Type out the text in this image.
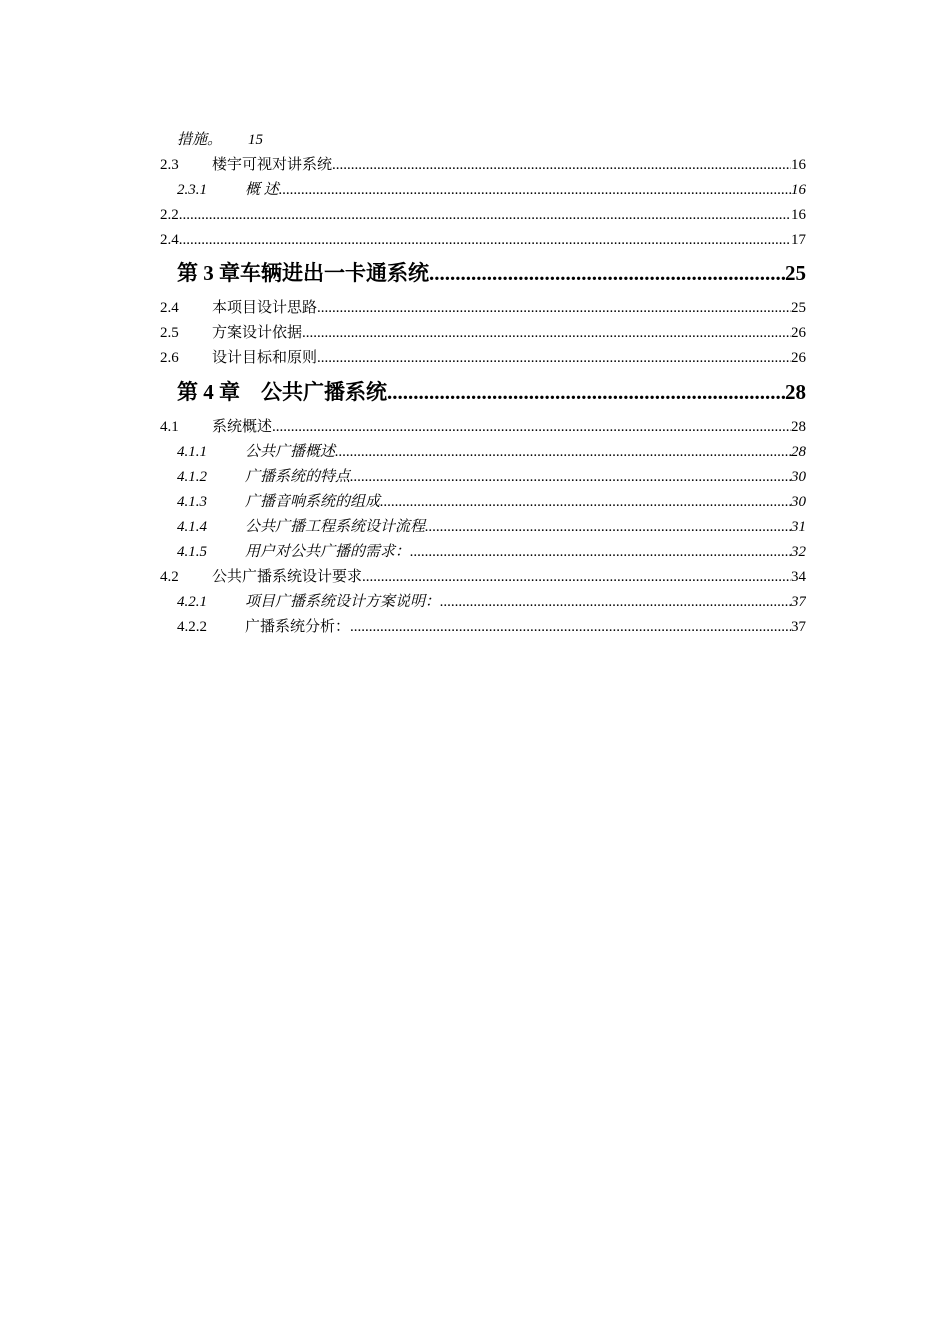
措施。 15
2.3	楼宇可视对讲系统 .....	16
2.3.1	概 述 .....	16
2.2 .....	16
2.4 .....	17
第 3 章车辆进出一卡通系统 .....	25
2.4	本项目设计思路 .....	25
2.5	方案设计依据 .....	26
2.6	设计目标和原则 .....	26
第 4 章　公共广播系统 .....	28
4.1	系统概述 .....	28
4.1.1	公共广播概述 .....	28
4.1.2	广播系统的特点 .....	30
4.1.3	广播音响系统的组成 .....	30
4.1.4	公共广播工程系统设计流程 .....	31
4.1.5	用户对公共广播的需求： .....	32
4.2	公共广播系统设计要求 .....	34
4.2.1	项目广播系统设计方案说明： .....	37
4.2.2	广播系统分析： .....	37
